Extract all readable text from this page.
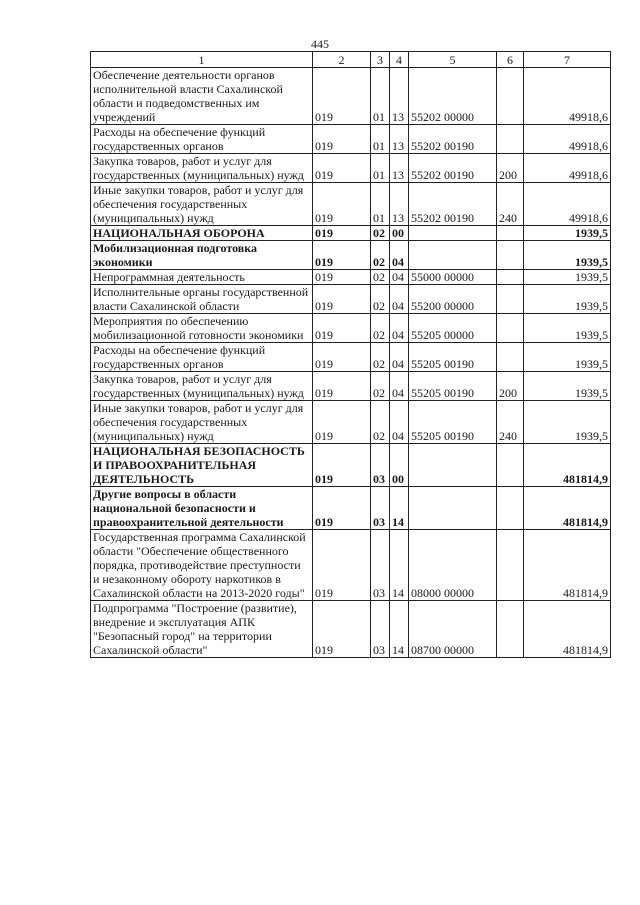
445
1	2	3	4	5	6	7
Обеспечение деятельности органов исполнительной власти Сахалинской области и подведомственных им учреждений	019	01	13	55202 00000		49918,6
Расходы на обеспечение функций государственных органов	019	01	13	55202 00190		49918,6
Закупка товаров, работ и услуг для государственных (муниципальных) нужд	019	01	13	55202 00190	200	49918,6
Иные закупки товаров, работ и услуг для обеспечения государственных (муниципальных) нужд	019	01	13	55202 00190	240	49918,6
НАЦИОНАЛЬНАЯ ОБОРОНА	019	02	00			1939,5
Мобилизационная подготовка экономики	019	02	04			1939,5
Непрограммная деятельность	019	02	04	55000 00000		1939,5
Исполнительные органы государственной власти Сахалинской области	019	02	04	55200 00000		1939,5
Мероприятия по обеспечению мобилизационной готовности экономики	019	02	04	55205 00000		1939,5
Расходы на обеспечение функций государственных органов	019	02	04	55205 00190		1939,5
Закупка товаров, работ и услуг для государственных (муниципальных) нужд	019	02	04	55205 00190	200	1939,5
Иные закупки товаров, работ и услуг для обеспечения государственных (муниципальных) нужд	019	02	04	55205 00190	240	1939,5
НАЦИОНАЛЬНАЯ БЕЗОПАСНОСТЬ И ПРАВООХРАНИТЕЛЬНАЯ ДЕЯТЕЛЬНОСТЬ	019	03	00			481814,9
Другие вопросы в области национальной безопасности и правоохранительной деятельности	019	03	14			481814,9
Государственная программа Сахалинской области "Обеспечение общественного порядка, противодействие преступности и незаконному обороту наркотиков в Сахалинской области на 2013-2020 годы"	019	03	14	08000 00000		481814,9
Подпрограмма "Построение (развитие), внедрение и эксплуатация АПК "Безопасный город" на территории Сахалинской области"	019	03	14	08700 00000		481814,9
